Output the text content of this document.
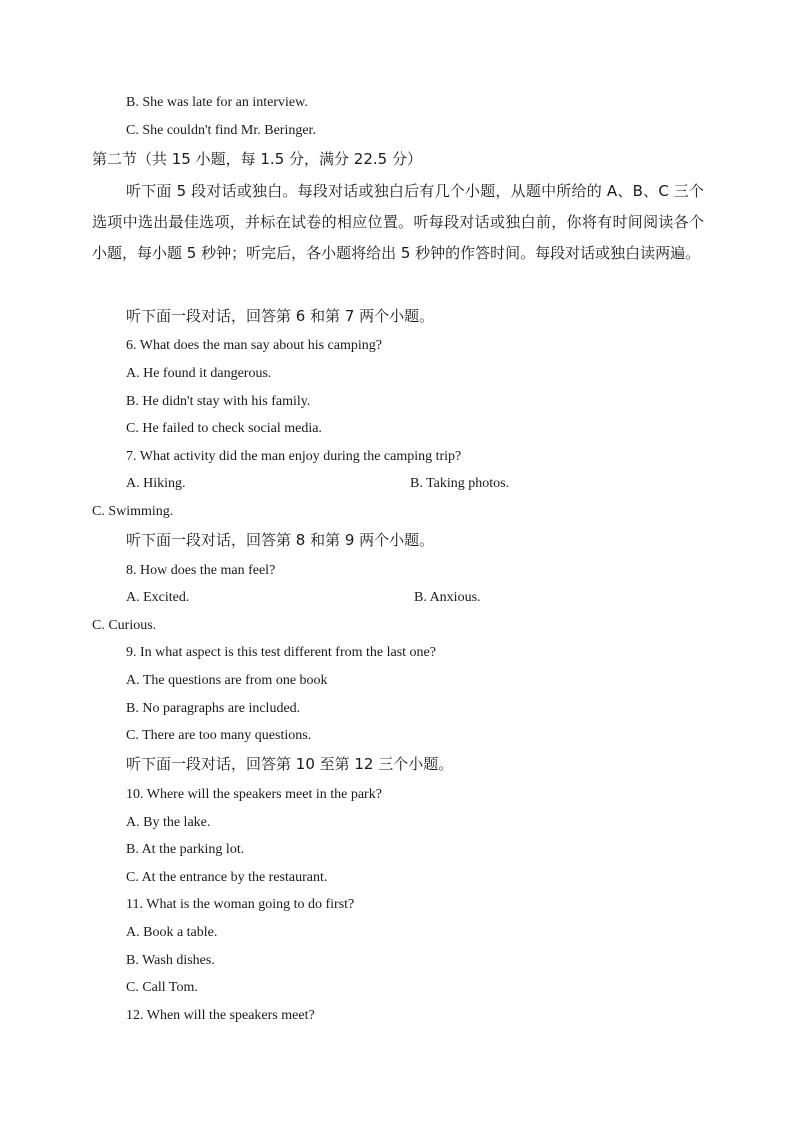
B. She was late for an interview.
C. She couldn't find Mr. Beringer.
第二节（共 15 小题，每 1.5 分，满分 22.5 分）
听下面 5 段对话或独白。每段对话或独白后有几个小题，从题中所给的 A、B、C 三个选项中选出最佳选项，并标在试卷的相应位置。听每段对话或独白前，你将有时间阅读各个小题，每小题 5 秒钟；听完后，各小题将给出 5 秒钟的作答时间。每段对话或独白读两遍。
听下面一段对话，回答第 6 和第 7 两个小题。
6. What does the man say about his camping?
A. He found it dangerous.
B. He didn't stay with his family.
C. He failed to check social media.
7. What activity did the man enjoy during the camping trip?
A. Hiking.	B. Taking photos.
C. Swimming.
听下面一段对话，回答第 8 和第 9 两个小题。
8. How does the man feel?
A. Excited.	B. Anxious.
C. Curious.
9. In what aspect is this test different from the last one?
A. The questions are from one book
B. No paragraphs are included.
C. There are too many questions.
听下面一段对话，回答第 10 至第 12 三个小题。
10. Where will the speakers meet in the park?
A. By the lake.
B. At the parking lot.
C. At the entrance by the restaurant.
11. What is the woman going to do first?
A. Book a table.
B. Wash dishes.
C. Call Tom.
12. When will the speakers meet?
